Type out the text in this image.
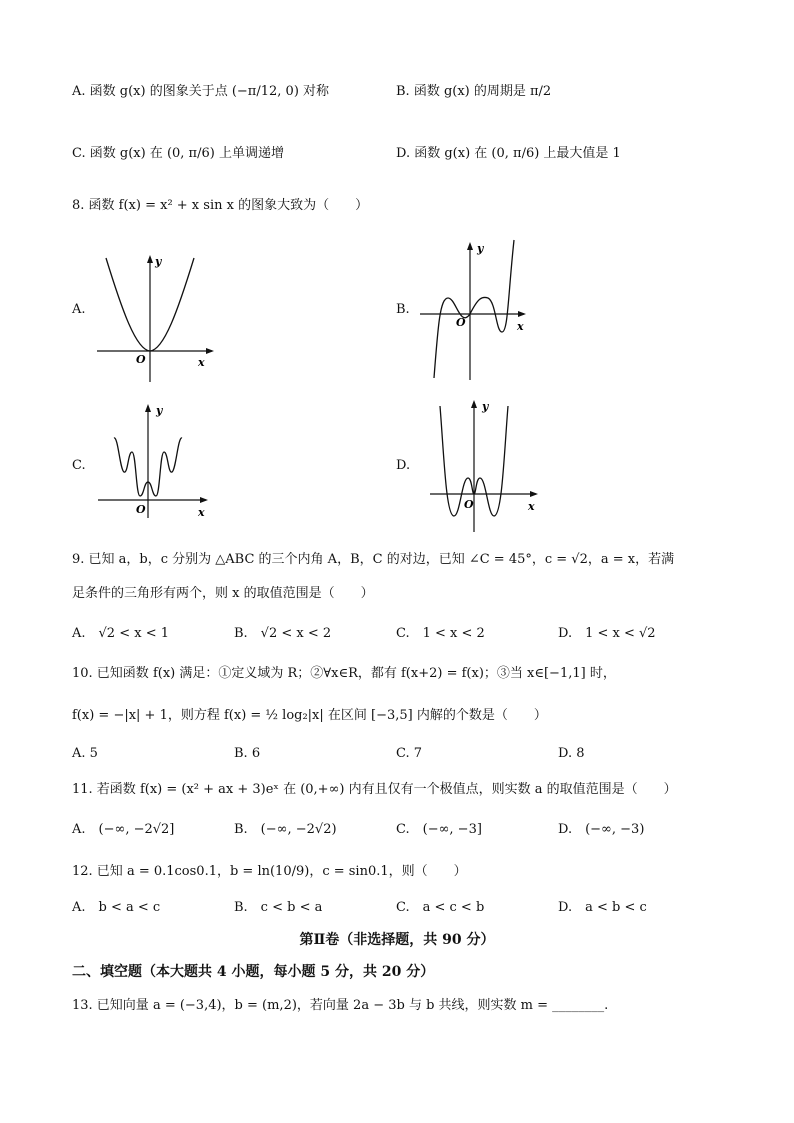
A. 函数 g(x) 的图象关于点 (−π/12, 0) 对称	B. 函数 g(x) 的周期是 π/2
C. 函数 g(x) 在 (0, π/6) 上单调递增	D. 函数 g(x) 在 (0, π/6) 上最大值是 1
8. 函数 f(x) = x² + x sin x 的图象大致为（　　）
A.
y
O	x
B.
y
O	x
C.
y
O	x
D.
y
O	x
9. 已知 a，b，c 分别为 △ABC 的三个内角 A，B，C 的对边，已知 ∠C = 45°，c = √2，a = x，若满
足条件的三角形有两个，则 x 的取值范围是（　　）
A.　√2 < x < 1	B.　√2 < x < 2	C.　1 < x < 2	D.　1 < x < √2
10. 已知函数 f(x) 满足：①定义域为 R；②∀x∈R，都有 f(x+2) = f(x)；③当 x∈[−1,1] 时，
f(x) = −|x| + 1，则方程 f(x) = ½ log₂|x| 在区间 [−3,5] 内解的个数是（　　）
A. 5	B. 6	C. 7	D. 8
11. 若函数 f(x) = (x² + ax + 3)eˣ 在 (0,+∞) 内有且仅有一个极值点，则实数 a 的取值范围是（　　）
A.　(−∞, −2√2]	B.　(−∞, −2√2)	C.　(−∞, −3]	D.　(−∞, −3)
12. 已知 a = 0.1cos0.1，b = ln(10/9)，c = sin0.1，则（　　）
A.　b < a < c	B.　c < b < a	C.　a < c < b	D.　a < b < c
第Ⅱ卷（非选择题，共 90 分）
二、填空题（本大题共 4 小题，每小题 5 分，共 20 分）
13. 已知向量 a = (−3,4)，b = (m,2)，若向量 2a − 3b 与 b 共线，则实数 m = ________.
